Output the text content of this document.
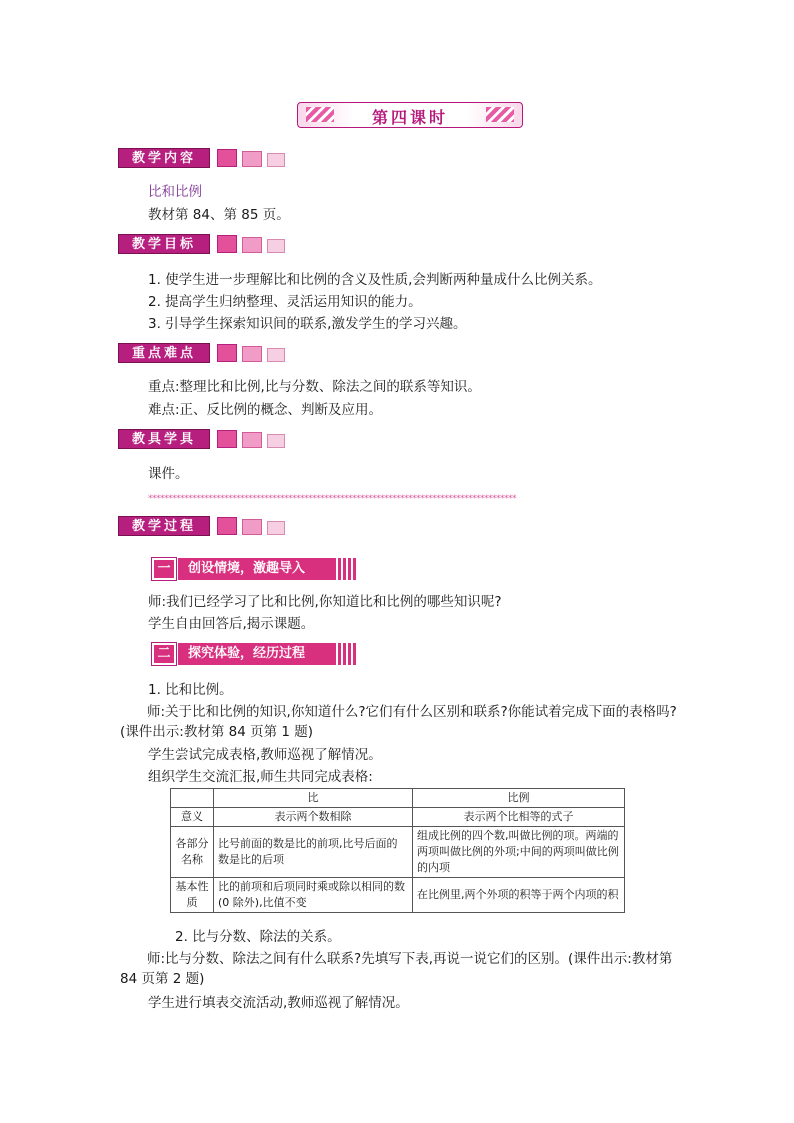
第四课时
教学内容
比和比例
教材第 84、第 85 页。
教学目标
1. 使学生进一步理解比和比例的含义及性质,会判断两种量成什么比例关系。
2. 提高学生归纳整理、灵活运用知识的能力。
3. 引导学生探索知识间的联系,激发学生的学习兴趣。
重点难点
重点:整理比和比例,比与分数、除法之间的联系等知识。
难点:正、反比例的概念、判断及应用。
教具学具
课件。
********************************************************************************************
教学过程
一	创设情境，激趣导入
师:我们已经学习了比和比例,你知道比和比例的哪些知识呢?
学生自由回答后,揭示课题。
二	探究体验，经历过程
1. 比和比例。
师:关于比和比例的知识,你知道什么?它们有什么区别和联系?你能试着完成下面的表格吗?(课件出示:教材第 84 页第 1 题)
学生尝试完成表格,教师巡视了解情况。
组织学生交流汇报,师生共同完成表格:
	比	比例
意义	表示两个数相除	表示两个比相等的式子
各部分名称	比号前面的数是比的前项,比号后面的数是比的后项	组成比例的四个数,叫做比例的项。两端的两项叫做比例的外项;中间的两项叫做比例的内项
基本性质	比的前项和后项同时乘或除以相同的数(0 除外),比值不变	在比例里,两个外项的积等于两个内项的积
2. 比与分数、除法的关系。
师:比与分数、除法之间有什么联系?先填写下表,再说一说它们的区别。(课件出示:教材第 84 页第 2 题)
学生进行填表交流活动,教师巡视了解情况。
